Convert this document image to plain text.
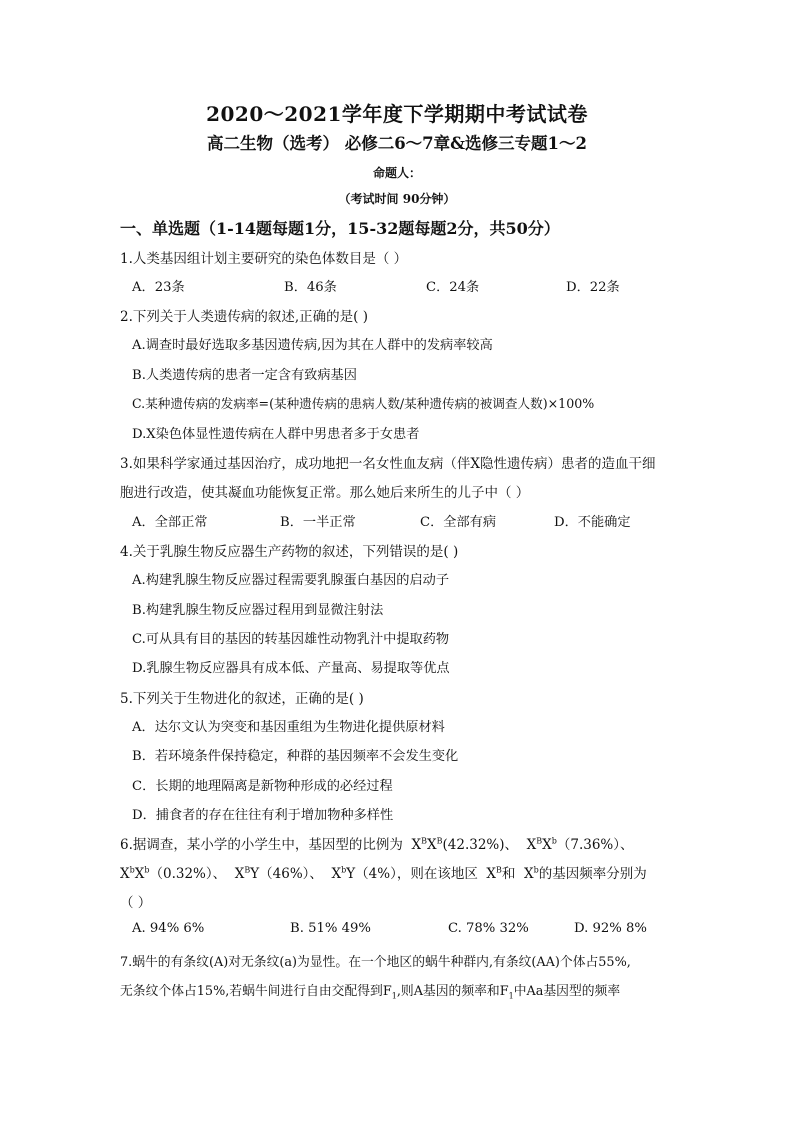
2020～2021学年度下学期期中考试试卷
高二生物（选考） 必修二6～7章&选修三专题1～2
命题人：
（考试时间 90分钟）
一、单选题（1-14题每题1分，15-32题每题2分，共50分）
1.人类基因组计划主要研究的染色体数目是（ ）
A．23条	B．46条	C．24条	D．22条
2.下列关于人类遗传病的叙述,正确的是( )
A.调查时最好选取多基因遗传病,因为其在人群中的发病率较高
B.人类遗传病的患者一定含有致病基因
C.某种遗传病的发病率=(某种遗传病的患病人数/某种遗传病的被调查人数)×100%
D.X染色体显性遗传病在人群中男患者多于女患者
3.如果科学家通过基因治疗，成功地把一名女性血友病（伴X隐性遗传病）患者的造血干细
胞进行改造，使其凝血功能恢复正常。那么她后来所生的儿子中（ ）
A．全部正常	B．一半正常	C．全部有病	D．不能确定
4.关于乳腺生物反应器生产药物的叙述，下列错误的是( )
A.构建乳腺生物反应器过程需要乳腺蛋白基因的启动子
B.构建乳腺生物反应器过程用到显微注射法
C.可从具有目的基因的转基因雄性动物乳汁中提取药物
D.乳腺生物反应器具有成本低、产量高、易提取等优点
5.下列关于生物进化的叙述，正确的是( )
A．达尔文认为突变和基因重组为生物进化提供原材料
B．若环境条件保持稳定，种群的基因频率不会发生变化
C．长期的地理隔离是新物种形成的必经过程
D．捕食者的存在往往有利于增加物种多样性
6.据调查，某小学的小学生中，基因型的比例为  $X^BX^B(42.32\%)$、  $X^BX^b(7.36\%)$、
$X^bX^b(0.32\%)$、  $X^BY(46\%)$、  $X^bY(4\%)$，则在该地区  $X^B$和  $X^b$的基因频率分别为
（ ）
A. 94% 6%	B. 51% 49%	C. 78% 32%	D. 92% 8%
7.蜗牛的有条纹(A)对无条纹(a)为显性。在一个地区的蜗牛种群内,有条纹(AA)个体占55%,
无条纹个体占15%,若蜗牛间进行自由交配得到$F_1$,则A基因的频率和$F_1$中Aa基因型的频率
